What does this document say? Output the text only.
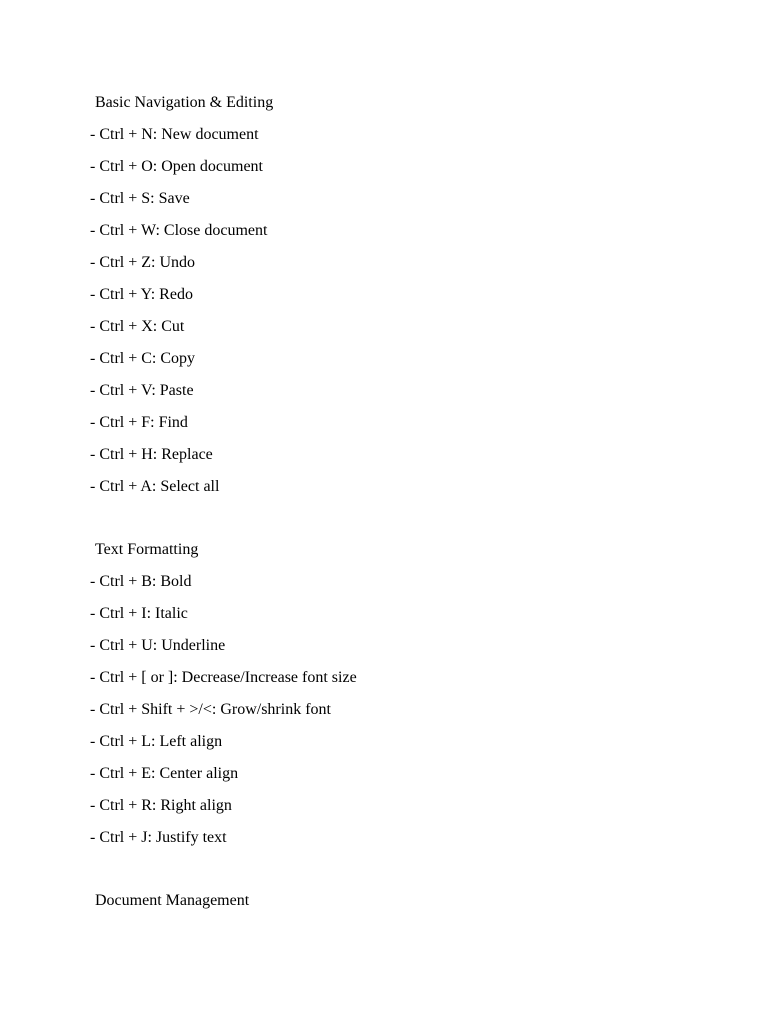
Basic Navigation & Editing
- Ctrl + N: New document
- Ctrl + O: Open document
- Ctrl + S: Save
- Ctrl + W: Close document
- Ctrl + Z: Undo
- Ctrl + Y: Redo
- Ctrl + X: Cut
- Ctrl + C: Copy
- Ctrl + V: Paste
- Ctrl + F: Find
- Ctrl + H: Replace
- Ctrl + A: Select all
Text Formatting
- Ctrl + B: Bold
- Ctrl + I: Italic
- Ctrl + U: Underline
- Ctrl + [ or ]: Decrease/Increase font size
- Ctrl + Shift + >/<: Grow/shrink font
- Ctrl + L: Left align
- Ctrl + E: Center align
- Ctrl + R: Right align
- Ctrl + J: Justify text
Document Management
